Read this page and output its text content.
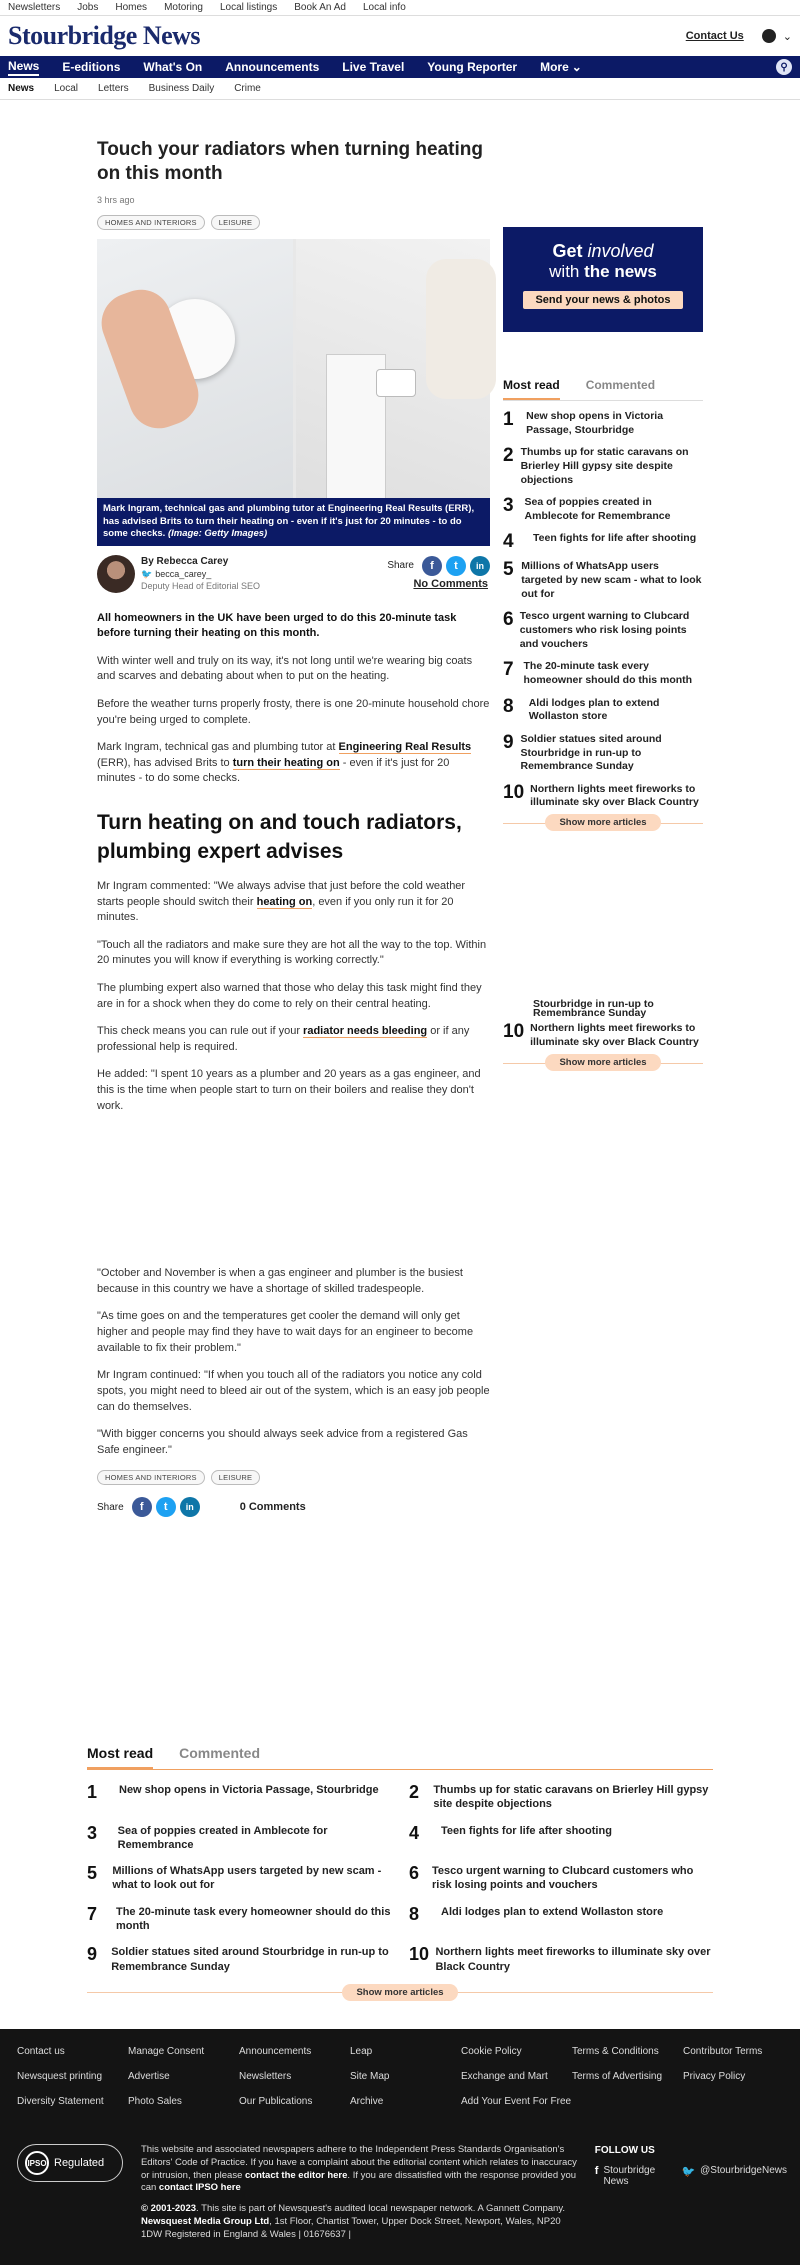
Newsletters Jobs Homes Motoring Local listings Book An Ad Local info
Stourbridge News	Contact Us	⌄
News E-editions What's On Announcements Live Travel Young Reporter More ⌄	⚲
News Local Letters Business Daily Crime
Touch your radiators when turning heating on this month
3 hrs ago
HOMES AND INTERIORS	LEISURE
Mark Ingram, technical gas and plumbing tutor at Engineering Real Results (ERR), has advised Brits to turn their heating on - even if it's just for 20 minutes - to do some checks. (Image: Getty Images)
By Rebecca Carey
🐦 becca_carey_
Deputy Head of Editorial SEO
Share	f	t	in
No Comments

All homeowners in the UK have been urged to do this 20-minute task before turning their heating on this month.

With winter well and truly on its way, it's not long until we're wearing big coats and scarves and debating about when to put on the heating.

Before the weather turns properly frosty, there is one 20-minute household chore you're being urged to complete.

Mark Ingram, technical gas and plumbing tutor at Engineering Real Results (ERR), has advised Brits to turn their heating on - even if it's just for 20 minutes - to do some checks.

Turn heating on and touch radiators, plumbing expert advises

Mr Ingram commented: "We always advise that just before the cold weather starts people should switch their heating on, even if you only run it for 20 minutes.

"Touch all the radiators and make sure they are hot all the way to the top. Within 20 minutes you will know if everything is working correctly."

The plumbing expert also warned that those who delay this task might find they are in for a shock when they do come to rely on their central heating.

This check means you can rule out if your radiator needs bleeding or if any professional help is required.

He added: "I spent 10 years as a plumber and 20 years as a gas engineer, and this is the time when people start to turn on their boilers and realise they don't work.

"October and November is when a gas engineer and plumber is the busiest because in this country we have a shortage of skilled tradespeople.

"As time goes on and the temperatures get cooler the demand will only get higher and people may find they have to wait days for an engineer to become available to fix their problem."

Mr Ingram continued: "If when you touch all of the radiators you notice any cold spots, you might need to bleed air out of the system, which is an easy job people can do themselves.

"With bigger concerns you should always seek advice from a registered Gas Safe engineer."

HOMES AND INTERIORS	LEISURE
Share	f	t	in	0 Comments
Get involved
with the news
Send your news & photos
Most read Commented
1	New shop opens in Victoria Passage, Stourbridge
2 Thumbs up for static caravans on Brierley Hill gypsy site despite objections
3	Sea of poppies created in Amblecote for Remembrance
4	Teen fights for life after shooting
5 Millions of WhatsApp users targeted by new scam - what to look out for
6 Tesco urgent warning to Clubcard customers who risk losing points and vouchers
7 The 20-minute task every homeowner should do this month
8	Aldi lodges plan to extend Wollaston store
9 Soldier statues sited around Stourbridge in run-up to Remembrance Sunday
10 Northern lights meet fireworks to illuminate sky over Black Country
Show more articles
Stourbridge in run-up to Remembrance Sunday
10 Northern lights meet fireworks to illuminate sky over Black Country
Show more articles
Most read Commented
1	New shop opens in Victoria Passage, Stourbridge 2	Thumbs up for static caravans on Brierley Hill gypsy site despite objections
3	Sea of poppies created in Amblecote for Remembrance
4	Teen fights for life after shooting
5	Millions of WhatsApp users targeted by new scam - what to look out for
6	Tesco urgent warning to Clubcard customers who risk losing points and vouchers
7	The 20-minute task every homeowner should do this month
8	Aldi lodges plan to extend Wollaston store
9	Soldier statues sited around Stourbridge in run-up to Remembrance Sunday
10 Northern lights meet fireworks to illuminate sky over Black Country
Show more articles
Contact us	Manage Consent	Announcements	Leap	Cookie Policy	Terms & Conditions	Contributor Terms
Newsquest printing	Advertise	Newsletters	Site Map	Exchange and Mart	Terms of Advertising	Privacy Policy
Diversity Statement	Photo Sales	Our Publications	Archive	Add Your Event For Free
IPSO Regulated

This website and associated newspapers adhere to the Independent Press Standards Organisation's Editors' Code of Practice. If you have a complaint about the editorial content which relates to inaccuracy or intrusion, then please contact the editor here. If you are dissatisfied with the response provided you can contact IPSO here

© 2001-2023. This site is part of Newsquest's audited local newspaper network. A Gannett Company. Newsquest Media Group Ltd, 1st Floor, Chartist Tower, Upper Dock Street, Newport, Wales, NP20 1DW Registered in England & Wales | 01676637 |

FOLLOW US
f Stourbridge News
🐦 @StourbridgeNews
